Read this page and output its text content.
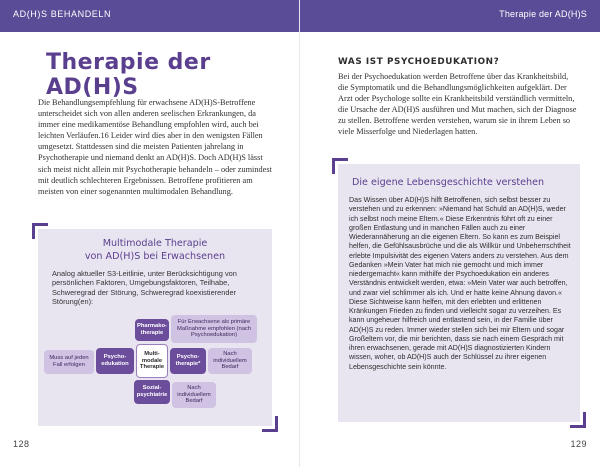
AD(H)S BEHANDELN
Therapie der AD(H)S

Die Behandlungsempfehlung für erwachsene AD(H)S-Betroffene unterscheidet sich von allen anderen seelischen Erkrankungen, da immer eine medikamentöse Behandlung empfohlen wird, auch bei leichten Verläufen.16 Leider wird dies aber in den wenigsten Fällen umgesetzt. Stattdessen sind die meisten Patienten jahrelang in Psychotherapie und niemand denkt an AD(H)S. Doch AD(H)S lässt sich meist nicht allein mit Psychotherapie behandeln – oder zumindest mit deutlich schlechteren Ergebnissen. Betroffene profitieren am meisten von einer sogenannten multimodalen Behandlung.

Multimodale Therapie
von AD(H)S bei Erwachsenen
Analog aktueller S3-Leitlinie, unter Berücksichtigung von persönlichen Faktoren, Umgebungsfaktoren, Teilhabe, Schweregrad der Störung, Schweregrad koexistierender Störung(en):
Für Erwachsene als primäre Maßnahme empfohlen (nach Psychoedukation)
Pharmako-therapie
Muss auf jeden Fall erfolgen
Psycho-edukation
Multi-modale Therapie
Psycho-therapie*
Nach individuellem Bedarf
Sozial-psychiatrie
Nach individuellem Bedarf
128
Therapie der AD(H)S
WAS IST PSYCHOEDUKATION?
Bei der Psychoedukation werden Betroffene über das Krankheitsbild, die Symptomatik und die Behandlungsmöglichkeiten aufgeklärt. Der Arzt oder Psychologe sollte ein Krankheitsbild verständlich vermitteln, die Ursache der AD(H)S ausführen und Mut machen, sich der Diagnose zu stellen. Betroffene werden verstehen, warum sie in ihrem Leben so viele Misserfolge und Niederlagen hatten.
Die eigene Lebensgeschichte verstehen
Das Wissen über AD(H)S hilft Betroffenen, sich selbst besser zu verstehen und zu erkennen: »Niemand hat Schuld an AD(H)S, weder ich selbst noch meine Eltern.« Diese Erkenntnis führt oft zu einer großen Entlastung und in manchen Fällen auch zu einer Wiederannäherung an die eigenen Eltern. So kann es zum Beispiel helfen, die Gefühlsausbrüche und die als Willkür und Unbeherrschtheit erlebte Impulsivität des eigenen Vaters anders zu verstehen. Aus dem Gedanken »Mein Vater hat mich nie gemocht und mich immer niedergemacht« kann mithilfe der Psychoedukation ein anderes Verständnis entwickelt werden, etwa: »Mein Vater war auch betroffen, und zwar viel schlimmer als ich. Und er hatte keine Ahnung davon.« Diese Sichtweise kann helfen, mit den erlebten und erlittenen Kränkungen Frieden zu finden und vielleicht sogar zu verzeihen. Es kann ungeheuer hilfreich und entlastend sein, in der Familie über AD(H)S zu reden. Immer wieder stellen sich bei mir Eltern und sogar Großeltern vor, die mir berichten, dass sie nach einem Gespräch mit ihren erwachsenen, gerade mit AD(H)S diagnostizierten Kindern wissen, woher, ob AD(H)S auch der Schlüssel zu ihrer eigenen Lebensgeschichte sein könnte.
129
